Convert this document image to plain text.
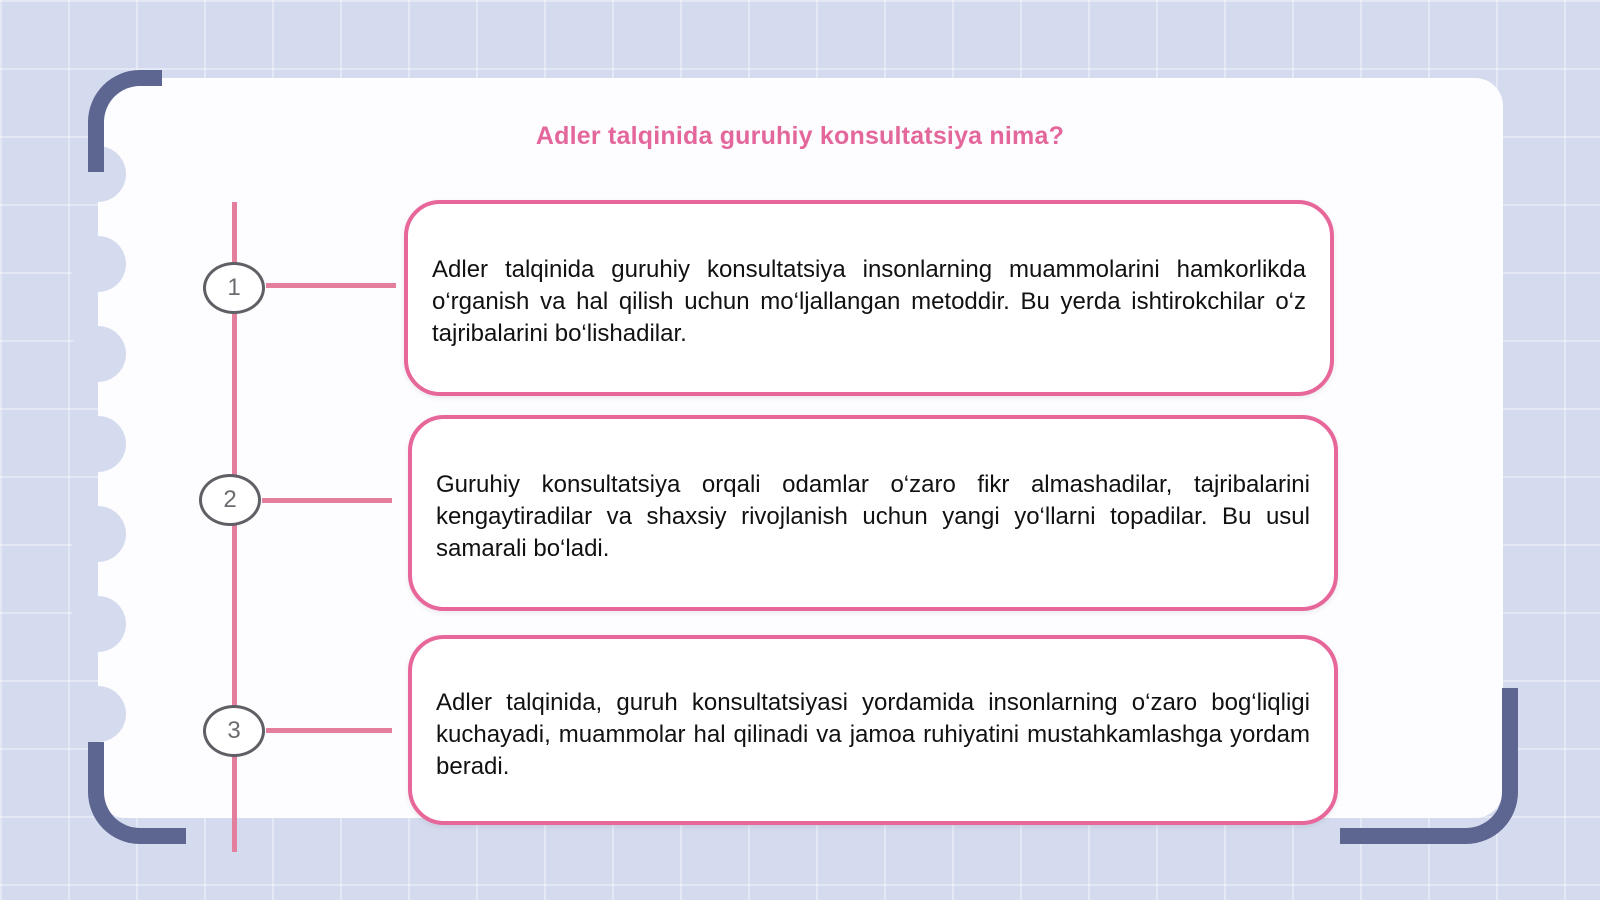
Adler talqinida guruhiy konsultatsiya nima?
1
Adler talqinida guruhiy konsultatsiya insonlarning muammolarini hamkorlikda o‘rganish va hal qilish uchun mo‘ljallangan metoddir. Bu yerda ishtirokchilar o‘z tajribalarini bo‘lishadilar.
2
Guruhiy konsultatsiya orqali odamlar o‘zaro fikr almashadilar, tajribalarini kengaytiradilar va shaxsiy rivojlanish uchun yangi yo‘llarni topadilar. Bu usul samarali bo‘ladi.
3
Adler talqinida, guruh konsultatsiyasi yordamida insonlarning o‘zaro bog‘liqligi kuchayadi, muammolar hal qilinadi va jamoa ruhiyatini mustahkamlashga yordam beradi.
